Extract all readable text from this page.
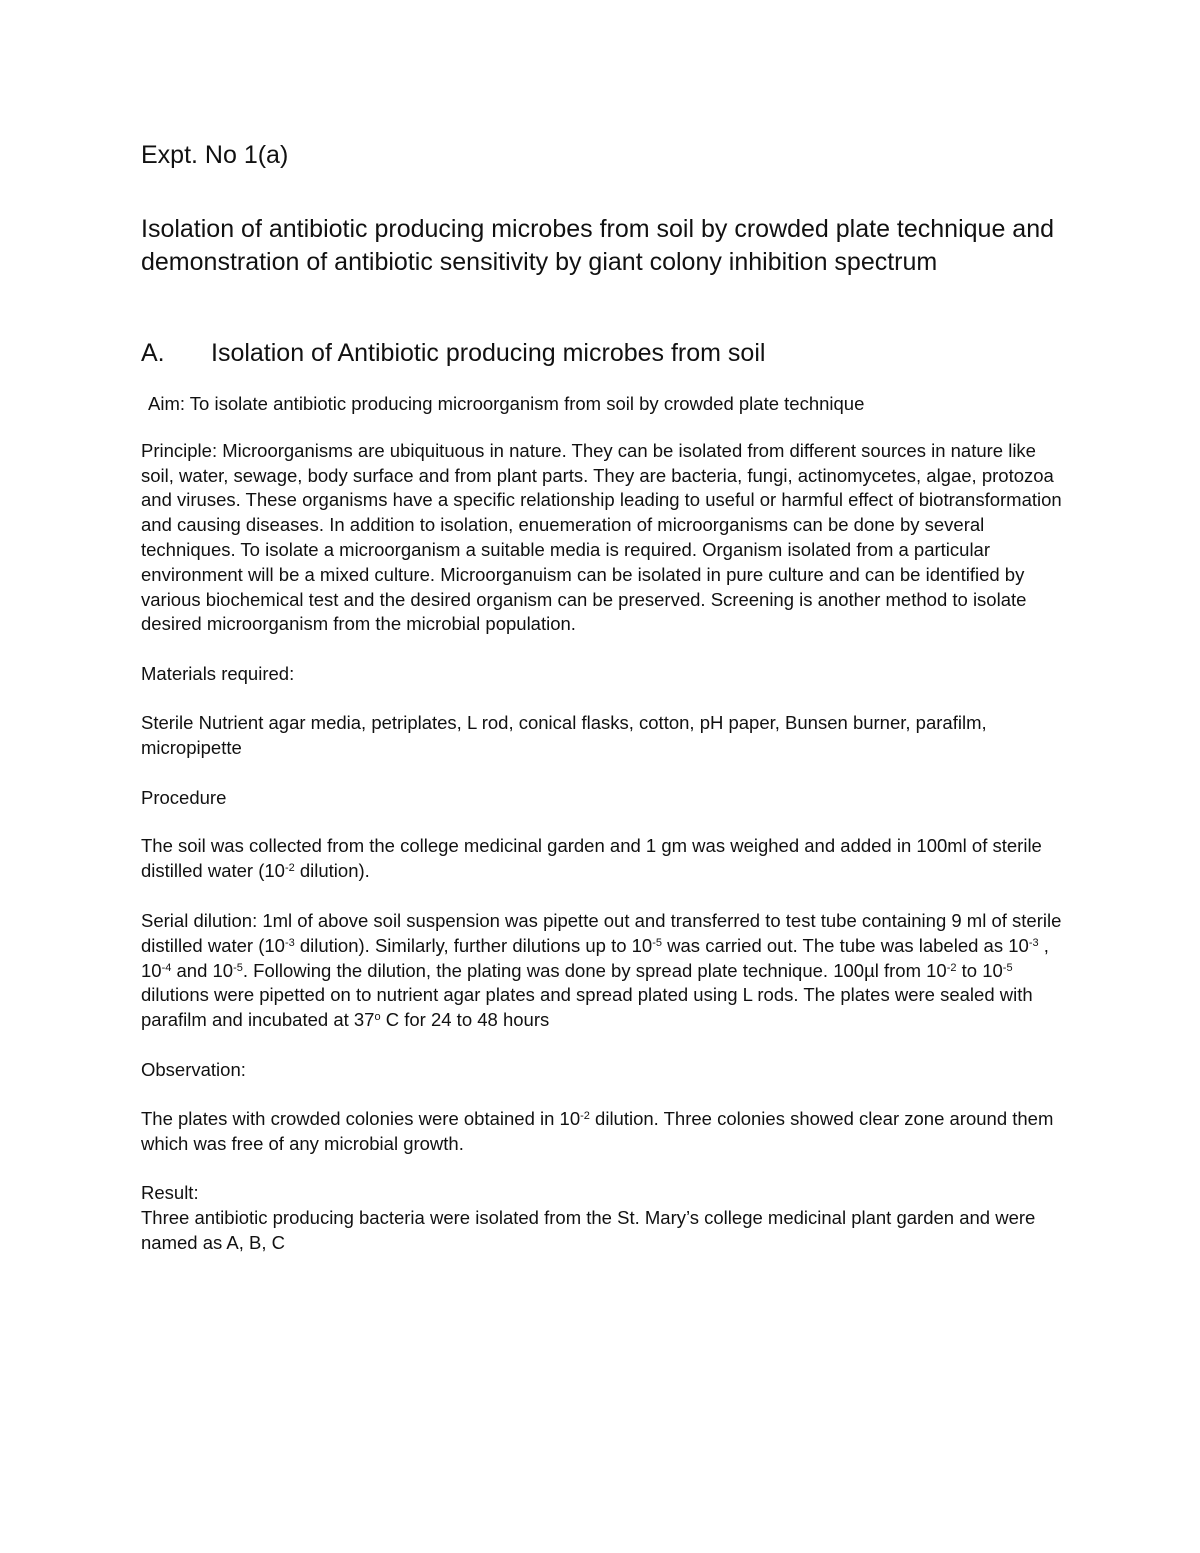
Expt. No 1(a)
Isolation of antibiotic producing microbes from soil by crowded plate technique and demonstration of antibiotic sensitivity by giant colony inhibition spectrum
A. Isolation of Antibiotic producing microbes from soil
Aim: To isolate antibiotic producing microorganism from soil by crowded plate technique
Principle: Microorganisms are ubiquituous in nature. They can be isolated from different sources in nature like soil, water, sewage, body surface and from plant parts. They are bacteria, fungi, actinomycetes, algae, protozoa and viruses. These organisms have a specific relationship leading to useful or harmful effect of biotransformation and causing diseases. In addition to isolation, enuemeration of microorganisms can be done by several techniques. To isolate a microorganism a suitable media is required. Organism isolated from a particular environment will be a mixed culture. Microorganuism can be isolated in pure culture and can be identified by various biochemical test and the desired organism can be preserved. Screening is another method to isolate desired microorganism from the microbial population.
Materials required:
Sterile Nutrient agar media, petriplates, L rod, conical flasks, cotton, pH paper, Bunsen burner, parafilm, micropipette
Procedure
The soil was collected from the college medicinal garden and 1 gm was weighed and added in 100ml of sterile distilled water ($10^{-2}$ dilution).
Serial dilution: 1ml of above soil suspension was pipette out and transferred to test tube containing 9 ml of sterile distilled water ($10^{-3}$ dilution). Similarly, further dilutions up to $10^{-5}$ was carried out. The tube was labeled as $10^{-3}$ , $10^{-4}$ and $10^{-5}$. Following the dilution, the plating was done by spread plate technique. 100µl from $10^{-2}$ to $10^{-5}$ dilutions were pipetted on to nutrient agar plates and spread plated using L rods. The plates were sealed with parafilm and incubated at 37$^o$ C for 24 to 48 hours
Observation:
The plates with crowded colonies were obtained in $10^{-2}$ dilution. Three colonies showed clear zone around them which was free of any microbial growth.
Result:
Three antibiotic producing bacteria were isolated from the St. Mary’s college medicinal plant garden and were named as A, B, C
